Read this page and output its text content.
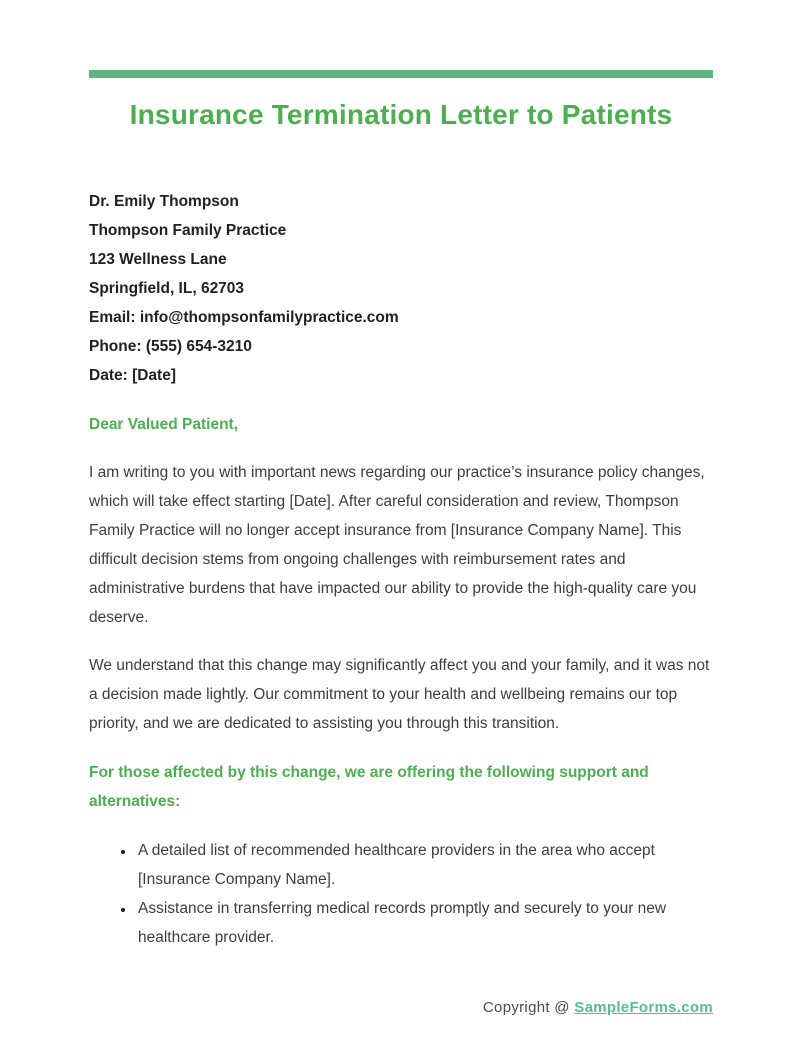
Insurance Termination Letter to Patients
Dr. Emily Thompson
Thompson Family Practice
123 Wellness Lane
Springfield, IL, 62703
Email: info@thompsonfamilypractice.com
Phone: (555) 654-3210
Date: [Date]
Dear Valued Patient,

I am writing to you with important news regarding our practice’s insurance policy changes, which will take effect starting [Date]. After careful consideration and review, Thompson Family Practice will no longer accept insurance from [Insurance Company Name]. This difficult decision stems from ongoing challenges with reimbursement rates and administrative burdens that have impacted our ability to provide the high-quality care you deserve.

We understand that this change may significantly affect you and your family, and it was not a decision made lightly. Our commitment to your health and wellbeing remains our top priority, and we are dedicated to assisting you through this transition.

For those affected by this change, we are offering the following support and alternatives:
• A detailed list of recommended healthcare providers in the area who accept [Insurance Company Name].
• Assistance in transferring medical records promptly and securely to your new healthcare provider.
Copyright @ SampleForms.com
